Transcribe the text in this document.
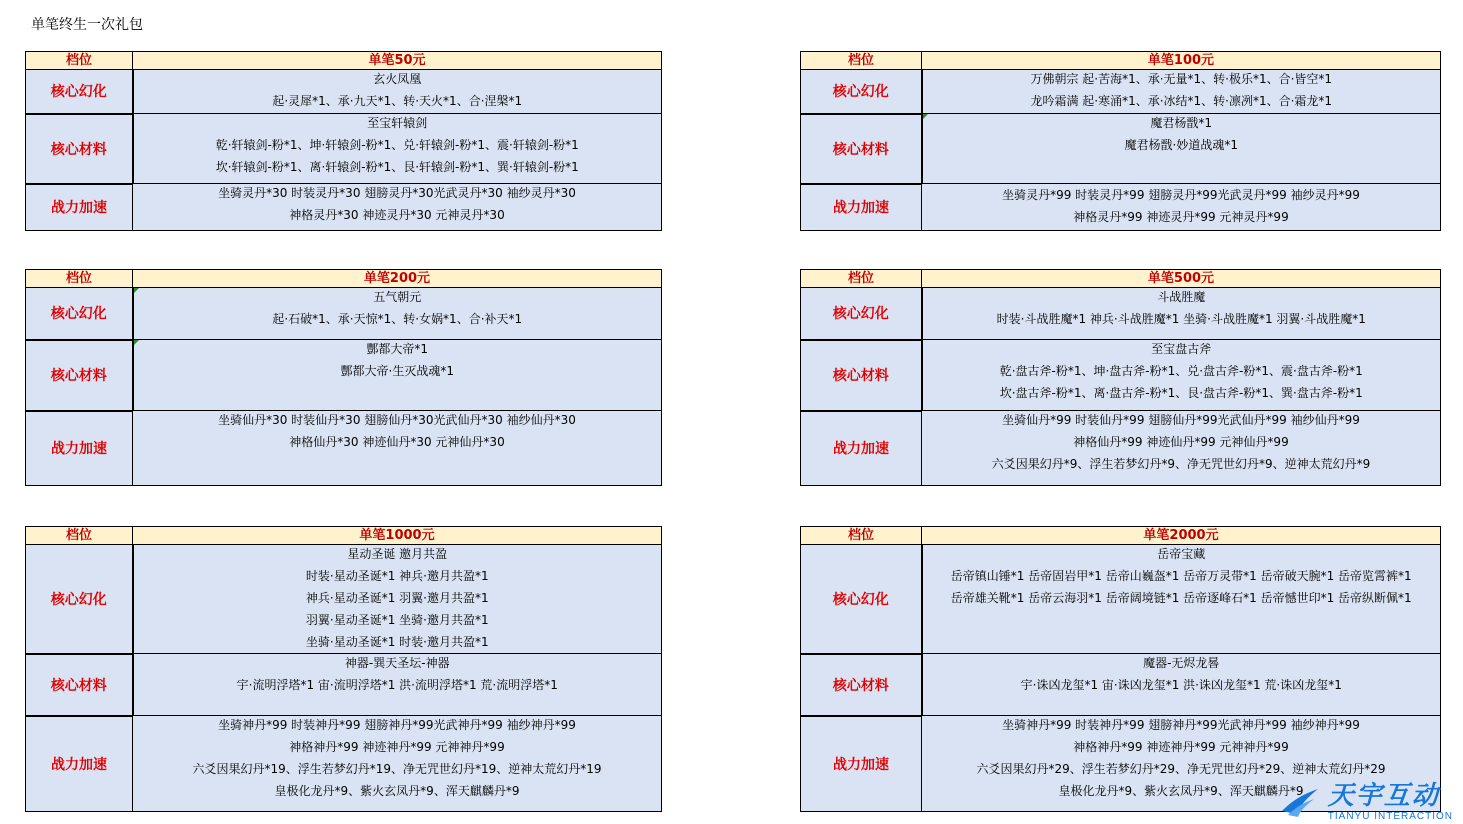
单笔终生一次礼包
档位	单笔50元
核心幻化	玄火凤凰
起·灵犀*1、承·九天*1、转·天火*1、合·涅槃*1

核心材料	至宝轩辕剑
乾·轩辕剑-粉*1、坤·轩辕剑-粉*1、兑·轩辕剑-粉*1、震·轩辕剑-粉*1
坎·轩辕剑-粉*1、离·轩辕剑-粉*1、艮·轩辕剑-粉*1、巽·轩辕剑-粉*1

战力加速	坐骑灵丹*30 时装灵丹*30 翅膀灵丹*30光武灵丹*30 袖纱灵丹*30
神格灵丹*30 神迹灵丹*30 元神灵丹*30
档位	单笔100元
核心幻化	万佛朝宗 起·苦海*1、承·无量*1、转·极乐*1、合·皆空*1
龙吟霜满 起·寒涌*1、承·冰结*1、转·凛冽*1、合·霜龙*1

核心材料	魔君杨戬*1
魔君杨戬·妙道战魂*1

战力加速	坐骑灵丹*99 时装灵丹*99 翅膀灵丹*99光武灵丹*99 袖纱灵丹*99
神格灵丹*99 神迹灵丹*99 元神灵丹*99
档位	单笔200元
核心幻化	五气朝元
起·石破*1、承·天惊*1、转·女娲*1、合·补天*1

核心材料	酆都大帝*1
酆都大帝·生灭战魂*1

战力加速	坐骑仙丹*30 时装仙丹*30 翅膀仙丹*30光武仙丹*30 袖纱仙丹*30
神格仙丹*30 神迹仙丹*30 元神仙丹*30
档位	单笔500元
核心幻化	斗战胜魔
时装·斗战胜魔*1 神兵·斗战胜魔*1 坐骑·斗战胜魔*1 羽翼·斗战胜魔*1

核心材料	至宝盘古斧
乾·盘古斧-粉*1、坤·盘古斧-粉*1、兑·盘古斧-粉*1、震·盘古斧-粉*1
坎·盘古斧-粉*1、离·盘古斧-粉*1、艮·盘古斧-粉*1、巽·盘古斧-粉*1

战力加速	坐骑仙丹*99 时装仙丹*99 翅膀仙丹*99光武仙丹*99 袖纱仙丹*99
神格仙丹*99 神迹仙丹*99 元神仙丹*99
六爻因果幻丹*9、浮生若梦幻丹*9、净无咒世幻丹*9、逆神太荒幻丹*9
档位	单笔1000元
核心幻化	星动圣诞 邀月共盈
时装·星动圣诞*1 神兵·邀月共盈*1
神兵·星动圣诞*1 羽翼·邀月共盈*1
羽翼·星动圣诞*1 坐骑·邀月共盈*1
坐骑·星动圣诞*1 时装·邀月共盈*1

核心材料	神器-巽天圣坛-神器
宇·流明浮塔*1 宙·流明浮塔*1 洪·流明浮塔*1 荒·流明浮塔*1

战力加速	坐骑神丹*99 时装神丹*99 翅膀神丹*99光武神丹*99 袖纱神丹*99
神格神丹*99 神迹神丹*99 元神神丹*99
六爻因果幻丹*19、浮生若梦幻丹*19、净无咒世幻丹*19、逆神太荒幻丹*19
皇极化龙丹*9、紫火玄凤丹*9、浑天麒麟丹*9
档位	单笔2000元
核心幻化	岳帝宝藏
岳帝镇山锤*1 岳帝固岩甲*1 岳帝山巍盔*1 岳帝万灵带*1 岳帝破天腕*1 岳帝览霄裤*1
岳帝雄关靴*1 岳帝云海羽*1 岳帝阔境链*1 岳帝逐峰石*1 岳帝憾世印*1 岳帝纵断佩*1

核心材料	魔器-无烬龙晷
宇·诛凶龙玺*1 宙·诛凶龙玺*1 洪·诛凶龙玺*1 荒·诛凶龙玺*1

战力加速	坐骑神丹*99 时装神丹*99 翅膀神丹*99光武神丹*99 袖纱神丹*99
神格神丹*99 神迹神丹*99 元神神丹*99
六爻因果幻丹*29、浮生若梦幻丹*29、净无咒世幻丹*29、逆神太荒幻丹*29
皇极化龙丹*9、紫火玄凤丹*9、浑天麒麟丹*9 天宇互动
TIANYU INTERACTION
